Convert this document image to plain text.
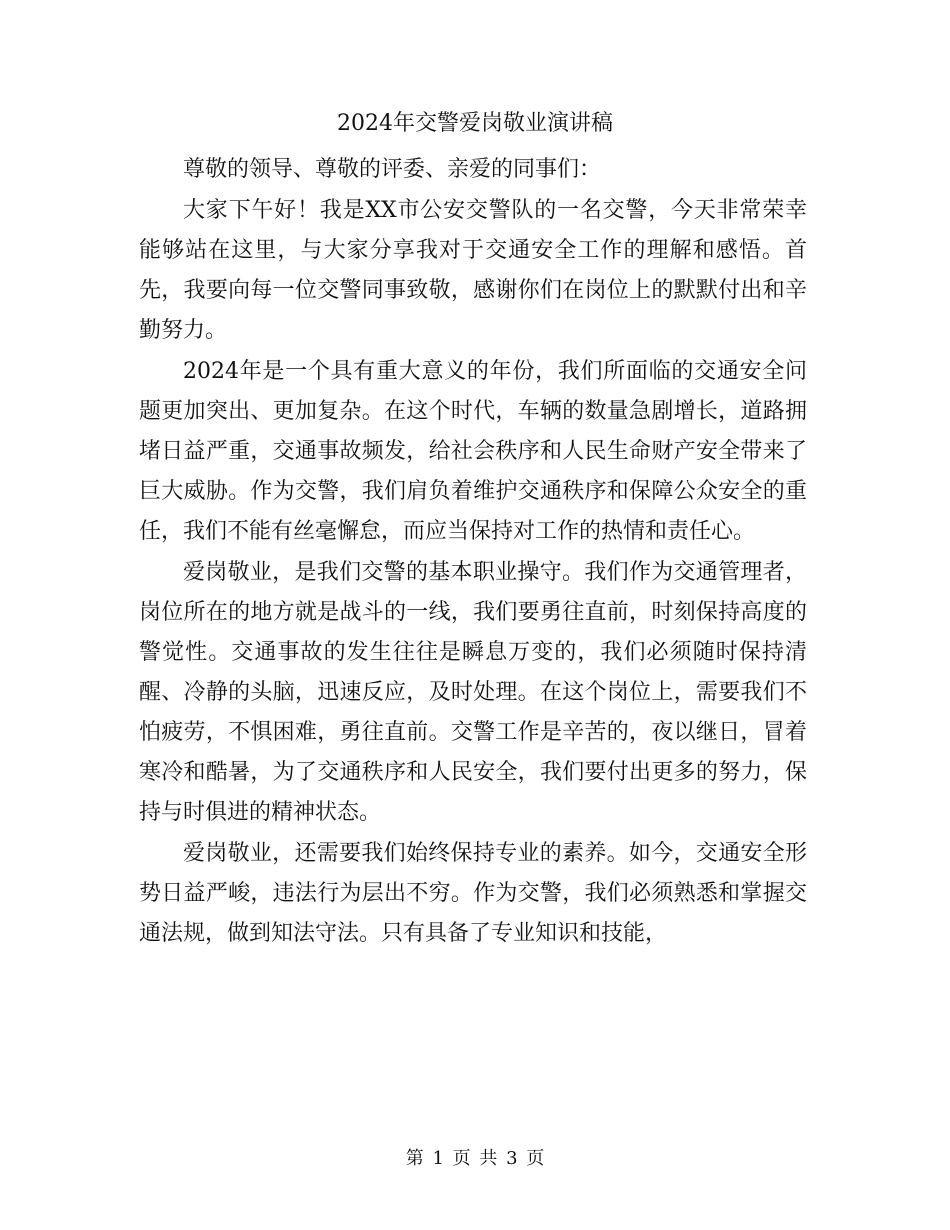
2024年交警爱岗敬业演讲稿

尊敬的领导、尊敬的评委、亲爱的同事们：

大家下午好！我是XX市公安交警队的一名交警，今天非常荣幸能够站在这里，与大家分享我对于交通安全工作的理解和感悟。首先，我要向每一位交警同事致敬，感谢你们在岗位上的默默付出和辛勤努力。

2024年是一个具有重大意义的年份，我们所面临的交通安全问题更加突出、更加复杂。在这个时代，车辆的数量急剧增长，道路拥堵日益严重，交通事故频发，给社会秩序和人民生命财产安全带来了巨大威胁。作为交警，我们肩负着维护交通秩序和保障公众安全的重任，我们不能有丝毫懈怠，而应当保持对工作的热情和责任心。

爱岗敬业，是我们交警的基本职业操守。我们作为交通管理者，岗位所在的地方就是战斗的一线，我们要勇往直前，时刻保持高度的警觉性。交通事故的发生往往是瞬息万变的，我们必须随时保持清醒、冷静的头脑，迅速反应，及时处理。在这个岗位上，需要我们不怕疲劳，不惧困难，勇往直前。交警工作是辛苦的，夜以继日，冒着寒冷和酷暑，为了交通秩序和人民安全，我们要付出更多的努力，保持与时俱进的精神状态。

爱岗敬业，还需要我们始终保持专业的素养。如今，交通安全形势日益严峻，违法行为层出不穷。作为交警，我们必须熟悉和掌握交通法规，做到知法守法。只有具备了专业知识和技能，

第 1 页 共 3 页
